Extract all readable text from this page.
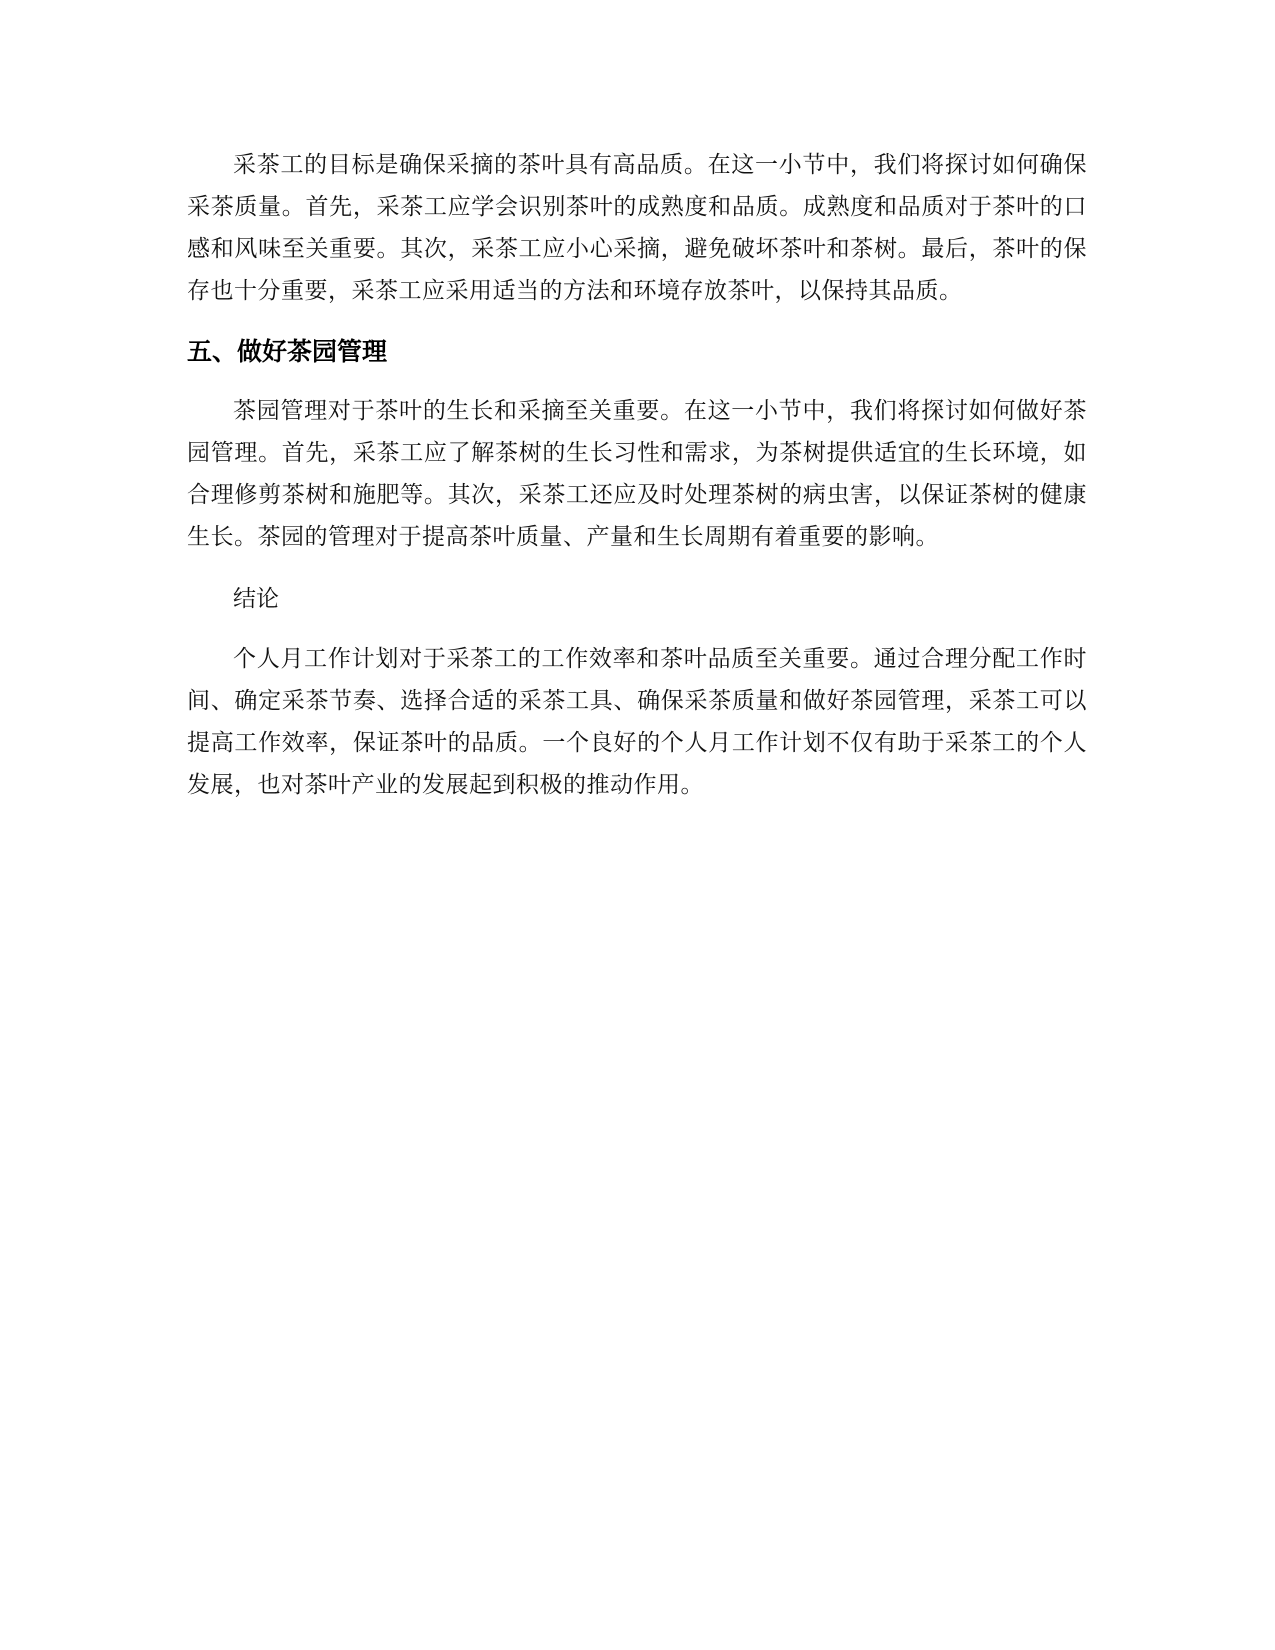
采茶工的目标是确保采摘的茶叶具有高品质。在这一小节中，我们将探讨如何确保采茶质量。首先，采茶工应学会识别茶叶的成熟度和品质。成熟度和品质对于茶叶的口感和风味至关重要。其次，采茶工应小心采摘，避免破坏茶叶和茶树。最后，茶叶的保存也十分重要，采茶工应采用适当的方法和环境存放茶叶，以保持其品质。

五、做好茶园管理

茶园管理对于茶叶的生长和采摘至关重要。在这一小节中，我们将探讨如何做好茶园管理。首先，采茶工应了解茶树的生长习性和需求，为茶树提供适宜的生长环境，如合理修剪茶树和施肥等。其次，采茶工还应及时处理茶树的病虫害，以保证茶树的健康生长。茶园的管理对于提高茶叶质量、产量和生长周期有着重要的影响。

结论

个人月工作计划对于采茶工的工作效率和茶叶品质至关重要。通过合理分配工作时间、确定采茶节奏、选择合适的采茶工具、确保采茶质量和做好茶园管理，采茶工可以提高工作效率，保证茶叶的品质。一个良好的个人月工作计划不仅有助于采茶工的个人发展，也对茶叶产业的发展起到积极的推动作用。
